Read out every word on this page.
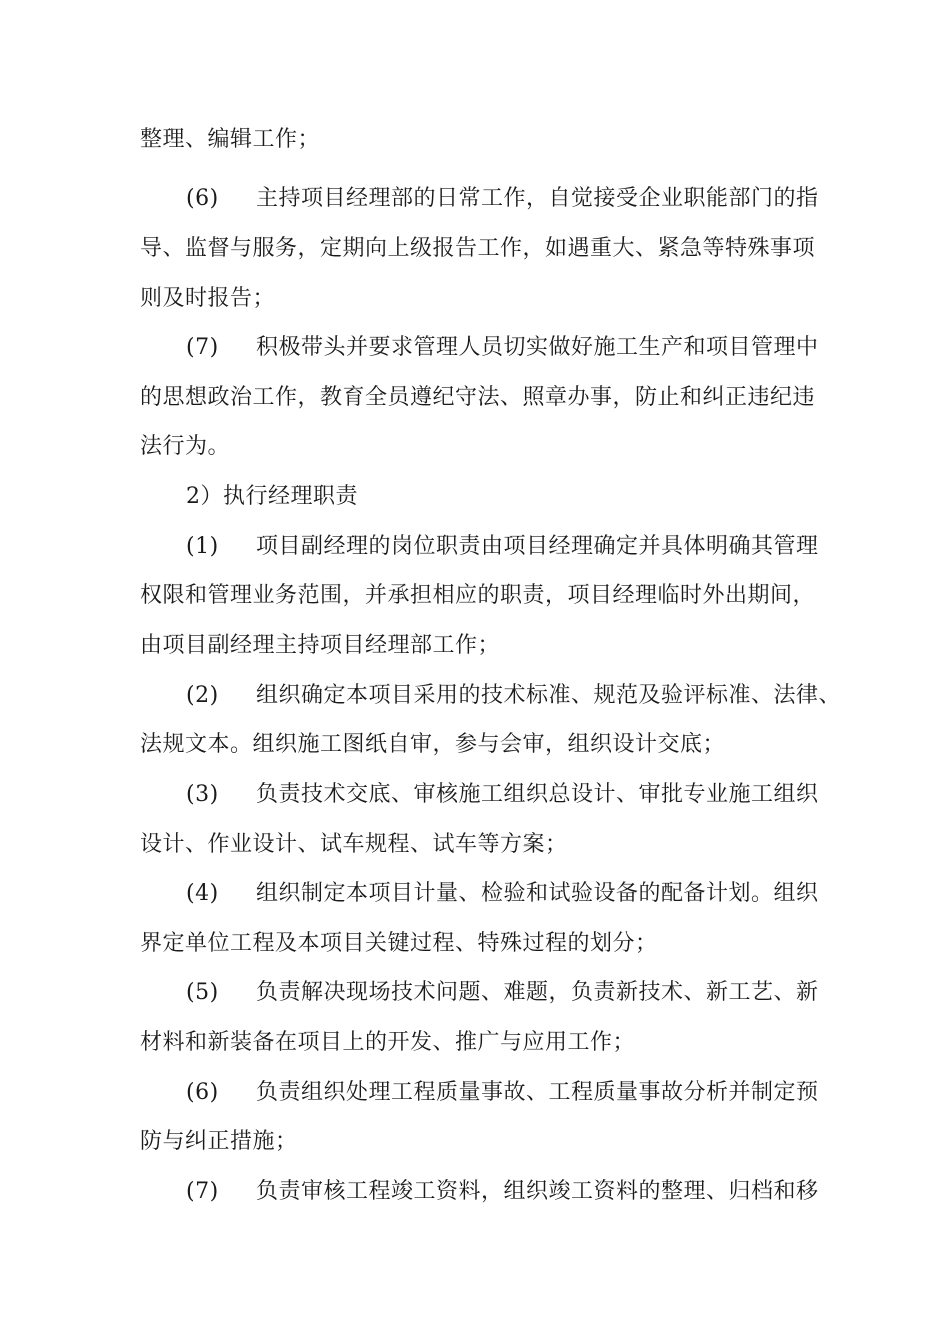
整理、编辑工作；
(6) 主持项目经理部的日常工作，自觉接受企业职能部门的指
导、监督与服务，定期向上级报告工作，如遇重大、紧急等特殊事项
则及时报告；
(7) 积极带头并要求管理人员切实做好施工生产和项目管理中
的思想政治工作，教育全员遵纪守法、照章办事，防止和纠正违纪违
法行为。
2）执行经理职责
(1) 项目副经理的岗位职责由项目经理确定并具体明确其管理
权限和管理业务范围，并承担相应的职责，项目经理临时外出期间，
由项目副经理主持项目经理部工作；
(2) 组织确定本项目采用的技术标准、规范及验评标准、法律、
法规文本。组织施工图纸自审，参与会审，组织设计交底；
(3) 负责技术交底、审核施工组织总设计、审批专业施工组织
设计、作业设计、试车规程、试车等方案；
(4) 组织制定本项目计量、检验和试验设备的配备计划。组织
界定单位工程及本项目关键过程、特殊过程的划分；
(5) 负责解决现场技术问题、难题，负责新技术、新工艺、新
材料和新装备在项目上的开发、推广与应用工作；
(6) 负责组织处理工程质量事故、工程质量事故分析并制定预
防与纠正措施；
(7) 负责审核工程竣工资料，组织竣工资料的整理、归档和移
